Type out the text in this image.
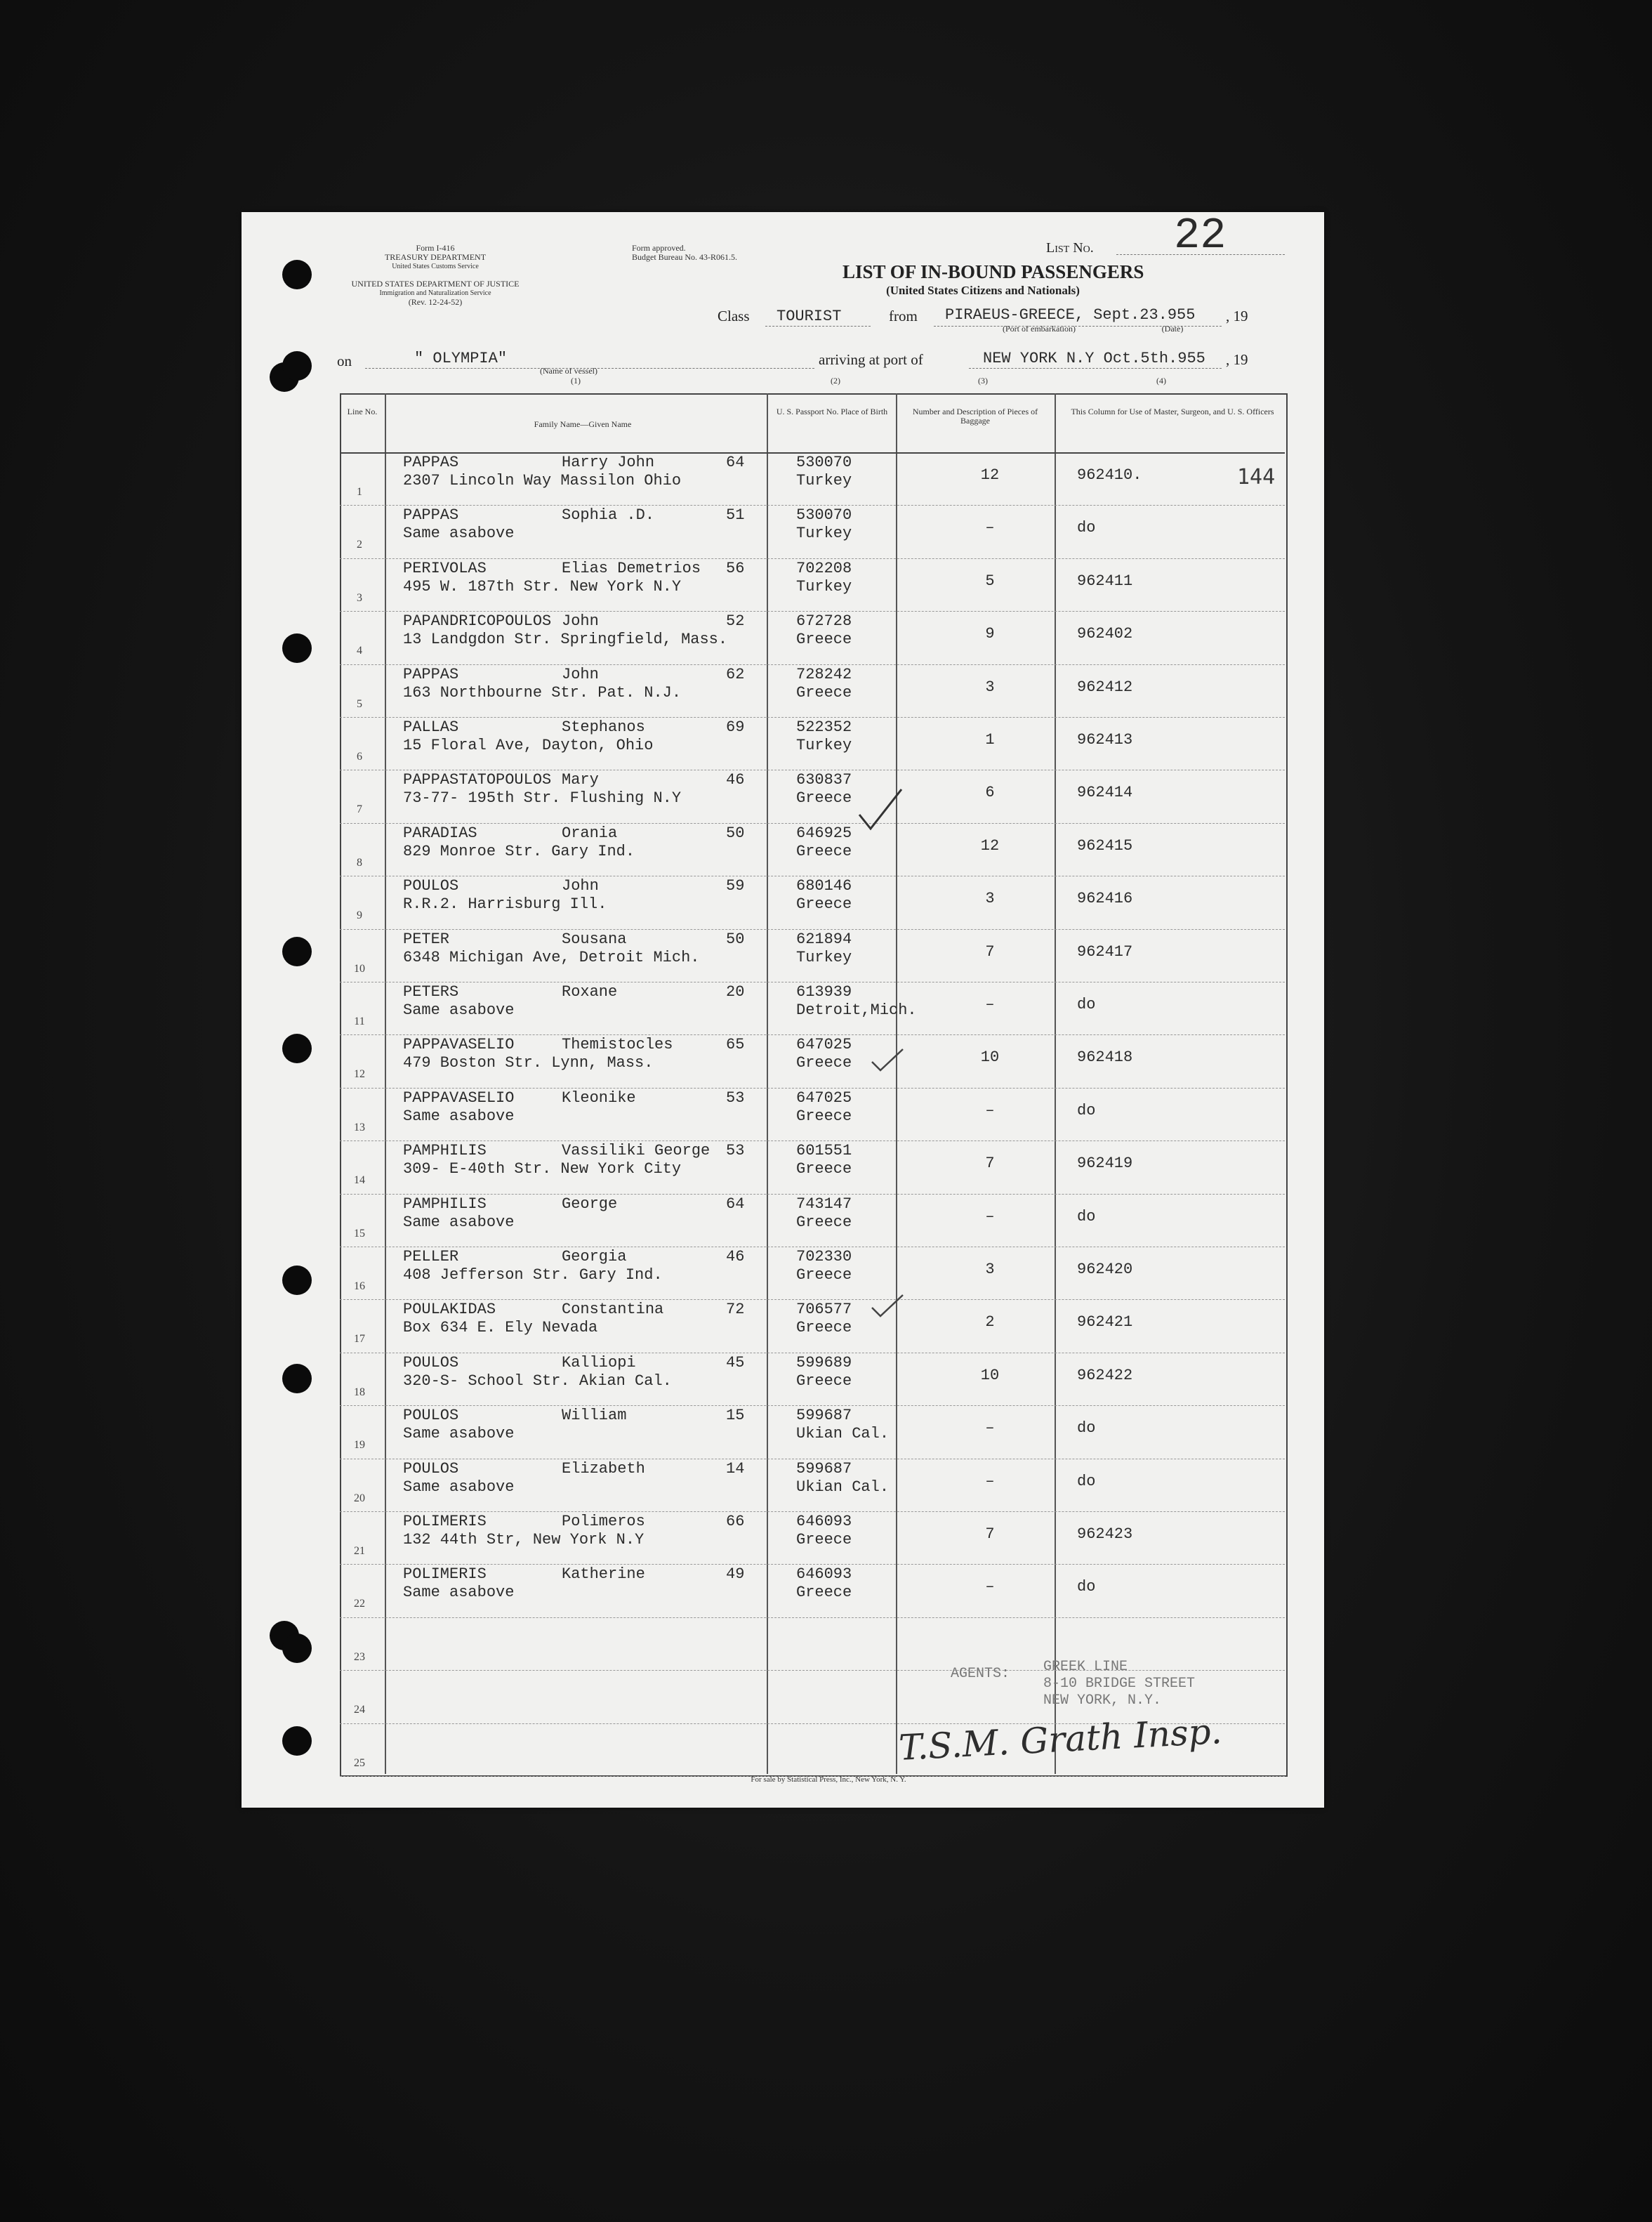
Form I-416
TREASURY DEPARTMENT
United States Customs Service
UNITED STATES DEPARTMENT OF JUSTICE
Immigration and Naturalization Service
(Rev. 12-24-52)
Form approved.
Budget Bureau No. 43-R061.5.
List No. 22
LIST OF IN-BOUND PASSENGERS
(United States Citizens and Nationals)
Class TOURIST	from PIRAEUS-GREECE, Sept.23.955 , 19
(Port of embarkation)	(Date)
on	" OLYMPIA"
(Name of vessel)
arriving at port of	NEW YORK N.Y Oct.5th.955 , 19
(1)	(2)	(3)	(4)
Line No.
Family Name—Given Name
U. S. Passport No. Place of Birth	Number and Description of Pieces of Baggage
This Column for Use of Master, Surgeon, and U. S. Officers
1
PAPPAS	Harry John	64
2307 Lincoln Way Massilon Ohio
530070
Turkey	12	962410.
2
PAPPAS	Sophia .D.	51
Same asabove
530070
Turkey	–	do
3
PERIVOLAS	Elias Demetrios 56
495 W. 187th Str. New York N.Y
702208
Turkey	5	962411
4
PAPANDRICOPOULOS John	52
13 Landgdon Str. Springfield, Mass.
672728
Greece	9	962402
5
PAPPAS	John	62
163 Northbourne Str. Pat. N.J.
728242
Greece	3	962412
6
PALLAS	Stephanos	69
15 Floral Ave, Dayton, Ohio
522352
Turkey	1	962413
7
PAPPASTATOPOULOS Mary	46
73-77- 195th Str. Flushing N.Y
630837
Greece	6	962414
8
PARADIAS	Orania	50
829 Monroe Str. Gary Ind.
646925
Greece	12	962415
9
POULOS	John	59
R.R.2. Harrisburg Ill.
680146
Greece	3	962416
10
PETER	Sousana	50
6348 Michigan Ave, Detroit Mich.
621894
Turkey	7	962417
11
PETERS	Roxane	20
Same asabove
613939
Detroit,Mich.	–	do
12
PAPPAVASELIO	Themistocles	65
479 Boston Str. Lynn, Mass.
647025
Greece	10	962418
13
PAPPAVASELIO	Kleonike	53
Same asabove
647025
Greece	–	do
14
PAMPHILIS	Vassiliki George 53
309- E-40th Str. New York City
601551
Greece	7	962419
15
PAMPHILIS	George	64
Same asabove
743147
Greece	–	do
16
PELLER	Georgia	46
408 Jefferson Str. Gary Ind.
702330
Greece	3	962420
17
POULAKIDAS	Constantina	72
Box 634 E. Ely Nevada
706577
Greece	2	962421
18
POULOS	Kalliopi	45
320-S- School Str. Akian Cal.
599689
Greece	10	962422
19
POULOS	William	15
Same asabove
599687
Ukian Cal.	–	do
20
POULOS	Elizabeth	14
Same asabove
599687
Ukian Cal.	–	do
21
POLIMERIS	Polimeros	66
132 44th Str, New York N.Y
646093
Greece	7	962423
22
POLIMERIS	Katherine	49
Same asabove
646093
Greece	–	do
23
24
25
144
AGENTS: GREEK LINE
8-10 BRIDGE STREET
NEW YORK, N.Y.
T.S.M. Grath Insp.
For sale by Statistical Press, Inc., New York, N. Y.
